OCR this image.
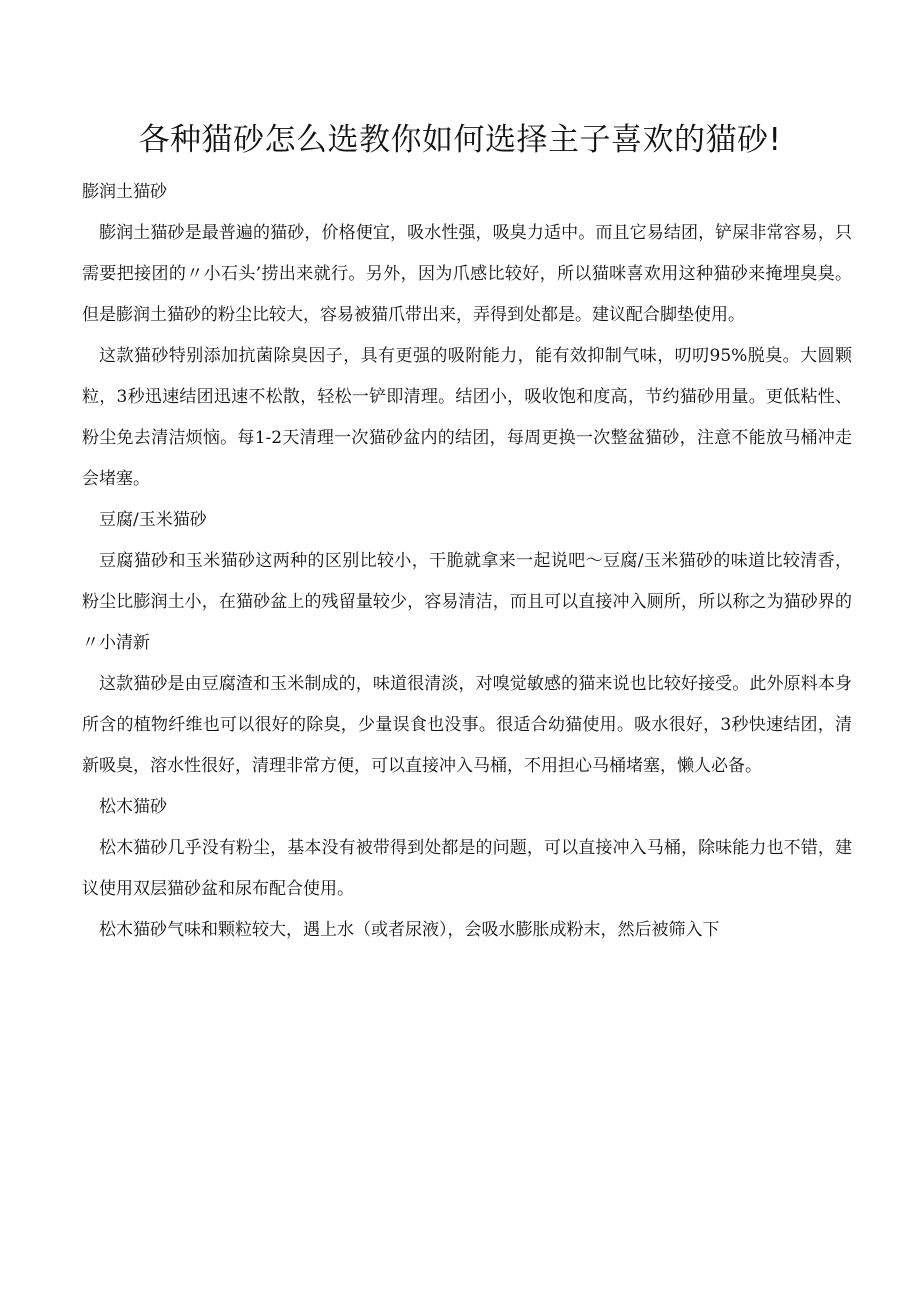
各种猫砂怎么选教你如何选择主子喜欢的猫砂!

膨润土猫砂

膨润土猫砂是最普遍的猫砂，价格便宜，吸水性强，吸臭力适中。而且它易结团，铲屎非常容易，只需要把接团的〃小石头’捞出来就行。另外，因为爪感比较好，所以猫咪喜欢用这种猫砂来掩埋臭臭。但是膨润土猫砂的粉尘比较大，容易被猫爪带出来，弄得到处都是。建议配合脚垫使用。

这款猫砂特别添加抗菌除臭因子，具有更强的吸附能力，能有效抑制气味，叨叨95%脱臭。大圆颗粒，3秒迅速结团迅速不松散，轻松一铲即清理。结团小，吸收饱和度高，节约猫砂用量。更低粘性、粉尘免去清洁烦恼。每1-2天清理一次猫砂盆内的结团，每周更换一次整盆猫砂，注意不能放马桶冲走会堵塞。

豆腐/玉米猫砂

豆腐猫砂和玉米猫砂这两种的区别比较小，干脆就拿来一起说吧～豆腐/玉米猫砂的味道比较清香，粉尘比膨润土小，在猫砂盆上的残留量较少，容易清洁，而且可以直接冲入厕所，所以称之为猫砂界的〃小清新

这款猫砂是由豆腐渣和玉米制成的，味道很清淡，对嗅觉敏感的猫来说也比较好接受。此外原料本身所含的植物纤维也可以很好的除臭，少量误食也没事。很适合幼猫使用。吸水很好，3秒快速结团，清新吸臭，溶水性很好，清理非常方便，可以直接冲入马桶，不用担心马桶堵塞，懒人必备。

松木猫砂

松木猫砂几乎没有粉尘，基本没有被带得到处都是的问题，可以直接冲入马桶，除味能力也不错，建议使用双层猫砂盆和尿布配合使用。

松木猫砂气味和颗粒较大，遇上水（或者尿液），会吸水膨胀成粉末，然后被筛入下
